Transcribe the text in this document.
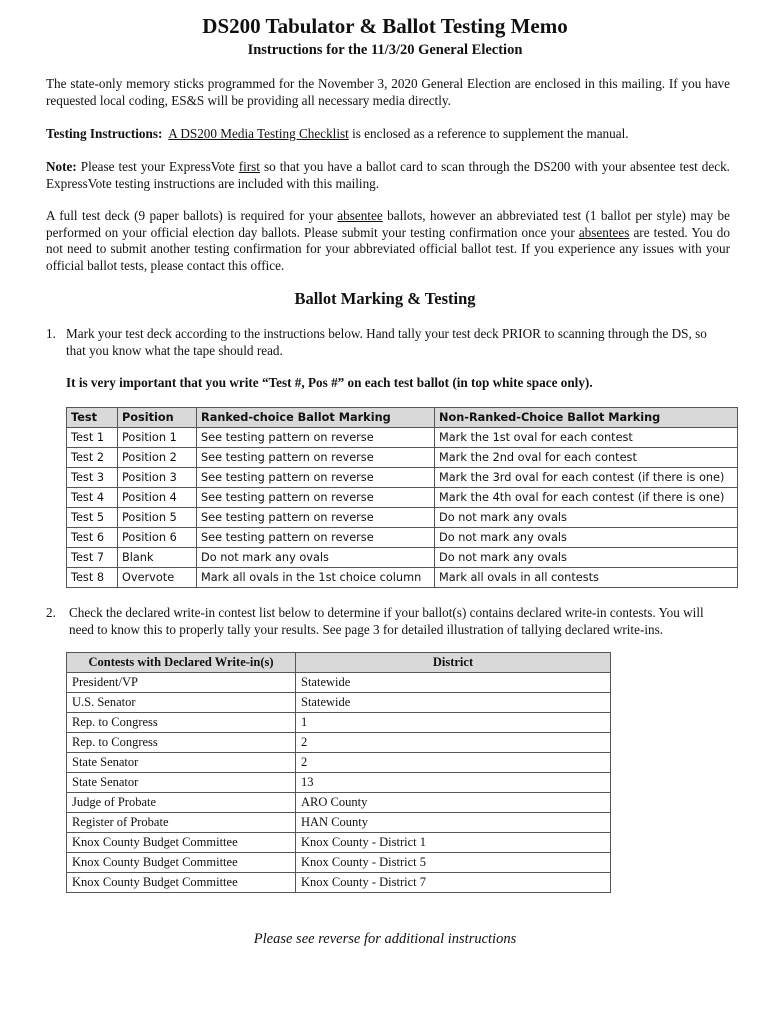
DS200 Tabulator & Ballot Testing Memo
Instructions for the 11/3/20 General Election
The state-only memory sticks programmed for the November 3, 2020 General Election are enclosed in this mailing. If you have requested local coding, ES&S will be providing all necessary media directly.
Testing Instructions: A DS200 Media Testing Checklist is enclosed as a reference to supplement the manual.
Note: Please test your ExpressVote first so that you have a ballot card to scan through the DS200 with your absentee test deck. ExpressVote testing instructions are included with this mailing.
A full test deck (9 paper ballots) is required for your absentee ballots, however an abbreviated test (1 ballot per style) may be performed on your official election day ballots. Please submit your testing confirmation once your absentees are tested. You do not need to submit another testing confirmation for your abbreviated official ballot test. If you experience any issues with your official ballot tests, please contact this office.
Ballot Marking & Testing
1. Mark your test deck according to the instructions below. Hand tally your test deck PRIOR to scanning through the DS, so that you know what the tape should read.
It is very important that you write “Test #, Pos #” on each test ballot (in top white space only).
Test	Position	Ranked-choice Ballot Marking	Non-Ranked-Choice Ballot Marking
Test 1	Position 1	See testing pattern on reverse	Mark the 1st oval for each contest
Test 2	Position 2	See testing pattern on reverse	Mark the 2nd oval for each contest
Test 3	Position 3	See testing pattern on reverse	Mark the 3rd oval for each contest (if there is one)
Test 4	Position 4	See testing pattern on reverse	Mark the 4th oval for each contest (if there is one)
Test 5	Position 5	See testing pattern on reverse	Do not mark any ovals
Test 6	Position 6	See testing pattern on reverse	Do not mark any ovals
Test 7	Blank	Do not mark any ovals	Do not mark any ovals
Test 8	Overvote	Mark all ovals in the 1st choice column	Mark all ovals in all contests
2. Check the declared write-in contest list below to determine if your ballot(s) contains declared write-in contests. You will need to know this to properly tally your results. See page 3 for detailed illustration of tallying declared write-ins.
Contests with Declared Write-in(s)	District
President/VP	Statewide
U.S. Senator	Statewide
Rep. to Congress	1
Rep. to Congress	2
State Senator	2
State Senator	13
Judge of Probate	ARO County
Register of Probate	HAN County
Knox County Budget Committee	Knox County - District 1
Knox County Budget Committee	Knox County - District 5
Knox County Budget Committee	Knox County - District 7
Please see reverse for additional instructions
